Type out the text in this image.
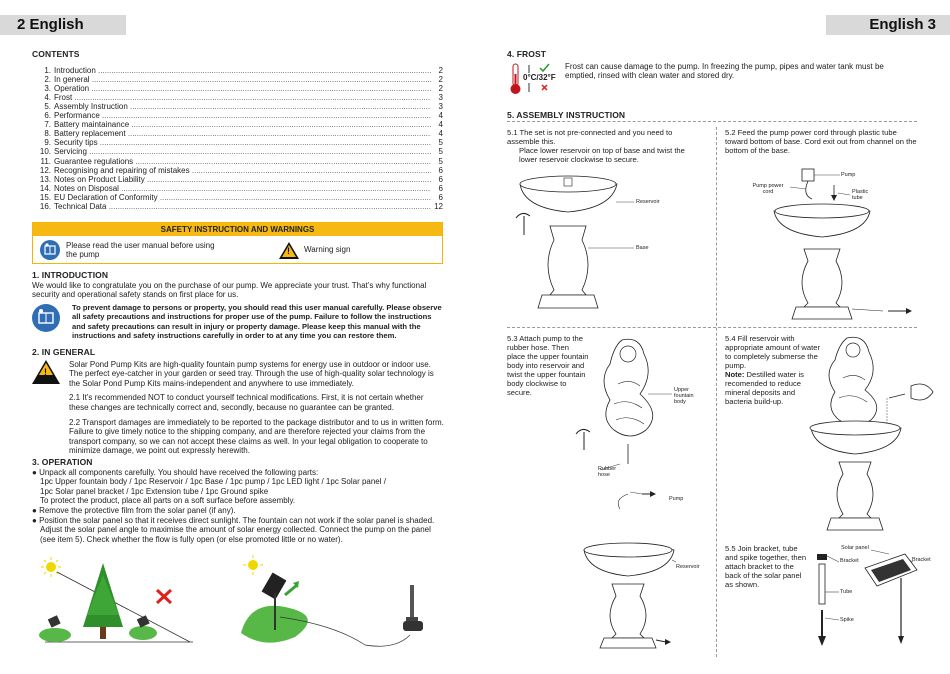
2 English	English 3
CONTENTS
1. Introduction .....	2
2. In general .....	2
3. Operation .....	2
4. Frost .....	3
5. Assembly Instruction .....	3
6. Performance .....	4
7. Battery maintainance .....	4
8. Battery replacement .....	4
9. Security tips .....	5
10. Servicing .....	5
11. Guarantee regulations .....	5
12. Recognising and repairing of mistakes .....	6
13. Notes on Product Liability .....	6
14. Notes on Disposal .....	6
15. EU Declaration of Conformity .....	6
16. Technical Data .....	12
SAFETY INSTRUCTION AND WARNINGS
Please read the user manual before using the pump	! Warning sign
1. INTRODUCTION

We would like to congratulate you on the purchase of our pump. We appreciate your trust. That’s why functional security and operational safety stands on first place for us.

To prevent damage to persons or property, you should read this user manual carefully. Please observe all safety precautions and instructions for proper use of the pump. Failure to follow the instructions and safety precautions can result in injury or property damage. Please keep this manual with the instructions and safety instructions carefully in order to at any time you can restore them.

2. IN GENERAL
!

Solar Pond Pump Kits are high-quality fountain pump systems for energy use in outdoor or indoor use. The perfect eye-catcher in your garden or seed tray. Through the use of high-quality solar technology is the Solar Pond Pump Kits mains-independent and anywhere to use immediately.

2.1 It’s recommended NOT to conduct yourself technical modifications. First, it is not certain whether these changes are technically correct and, secondly, because no guarantee can be granted.

2.2 Transport damages are immediately to be reported to the package distributor and to us in written form. Failure to give timely notice to the shipping company, and are therefore rejected your claims from the transport company, so we can not accept these claims as well. In your legal obligation to cooperate to minimize damage, we point out expressly herewith.

3. OPERATION

● Unpack all components carefully. You should have received the following parts:

1pc Upper fountain body / 1pc Reservoir / 1pc Base / 1pc pump / 1pc LED light / 1pc Solar panel /

1pc Solar panel bracket / 1pc Extension tube / 1pc Ground spike

To protect the product, place all parts on a soft surface before assembly.

● Remove the protective film from the solar panel (if any).

● Position the solar panel so that it receives direct sunlight. The fountain can not work if the solar panel is shaded.

Adjust the solar panel angle to maximise the amount of solar energy collected. Connect the pump on the panel

(see item 5). Check whether the flow is fully open (or else promoted little or no water).

4. FROST
0°C/32°F

Frost can cause damage to the pump. In freezing the pump, pipes and water tank must be emptied, rinsed with clean water and stored dry.

5. ASSEMBLY INSTRUCTION

5.1 The set is not pre-connected and you need to assemble this.

Place lower reservoir on top of base and twist the lower reservoir clockwise to secure.

5.2 Feed the pump power cord through plastic tube toward bottom of base. Cord exit out from channel on the bottom of the base.
5.3 Attach pump to the rubber hose. Then place the upper fountain body into reservoir and twist the upper fountain body clockwise to secure.

5.4 Fill reservoir with appropriate amount of water to completely submerse the pump.

Note: Destilled water is recomended to reduce mineral deposits and bacteria build-up.

5.5 Join bracket, tube and spike together, then attach bracket to the back of the solar panel as shown.
Reservoir
Base
Pump
Pump power cord	Plastic tube
Upper fountain body
Rubber hose
Pump
Reservoir
Solar panel
Bracket	Bracket
Tube
Spike
